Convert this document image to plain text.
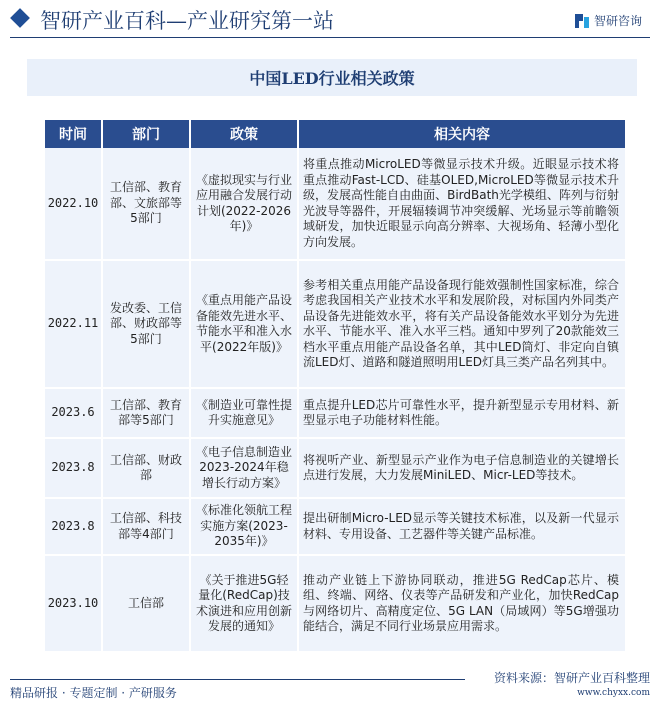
智研产业百科—产业研究第一站	智研咨询
中国LED行业相关政策
时间	部门	政策	相关内容
2022.10	工信部、教育部、文旅部等5部门	《虚拟现实与行业应用融合发展行动计划(2022-2026年)》	将重点推动MicroLED等微显示技术升级。近眼显示技术将重点推动Fast-LCD、硅基OLED,MicroLED等微显示技术升级，发展高性能自由曲面、BirdBath光学模组、阵列与衍射光波导等器件，开展辐辏调节冲突缓解、光场显示等前瞻领域研发，加快近眼显示向高分辨率、大视场角、轻薄小型化方向发展。
2022.11	发改委、工信部、财政部等5部门	《重点用能产品设备能效先进水平、节能水平和准入水平(2022年版)》	参考相关重点用能产品设备现行能效强制性国家标准，综合考虑我国相关产业技术水平和发展阶段，对标国内外同类产品设备先进能效水平，将有关产品设备能效水平划分为先进水平、节能水平、准入水平三档。通知中罗列了20款能效三档水平重点用能产品设备名单，其中LED筒灯、非定向自镇流LED灯、道路和隧道照明用LED灯具三类产品名列其中。
2023.6	工信部、教育部等5部门	《制造业可靠性提升实施意见》	重点提升LED芯片可靠性水平，提升新型显示专用材料、新型显示电子功能材料性能。
2023.8	工信部、财政部	《电子信息制造业2023-2024年稳增长行动方案》	将视听产业、新型显示产业作为电子信息制造业的关键增长点进行发展，大力发展MiniLED、Micr-LED等技术。
2023.8	工信部、科技部等4部门	《标准化领航工程实施方案(2023-2035年)》	提出研制Micro-LED显示等关键技术标准，以及新一代显示材料、专用设备、工艺器件等关键产品标准。
2023.10	工信部	《关于推进5G轻量化(RedCap)技术演进和应用创新发展的通知》	推动产业链上下游协同联动，推进5G RedCap芯片、模组、终端、网络、仪表等产品研发和产业化，加快RedCap与网络切片、高精度定位、5G LAN（局域网）等5G增强功能结合，满足不同行业场景应用需求。
精品研报 · 专题定制 · 产研服务
资料来源：智研产业百科整理
www.chyxx.com
